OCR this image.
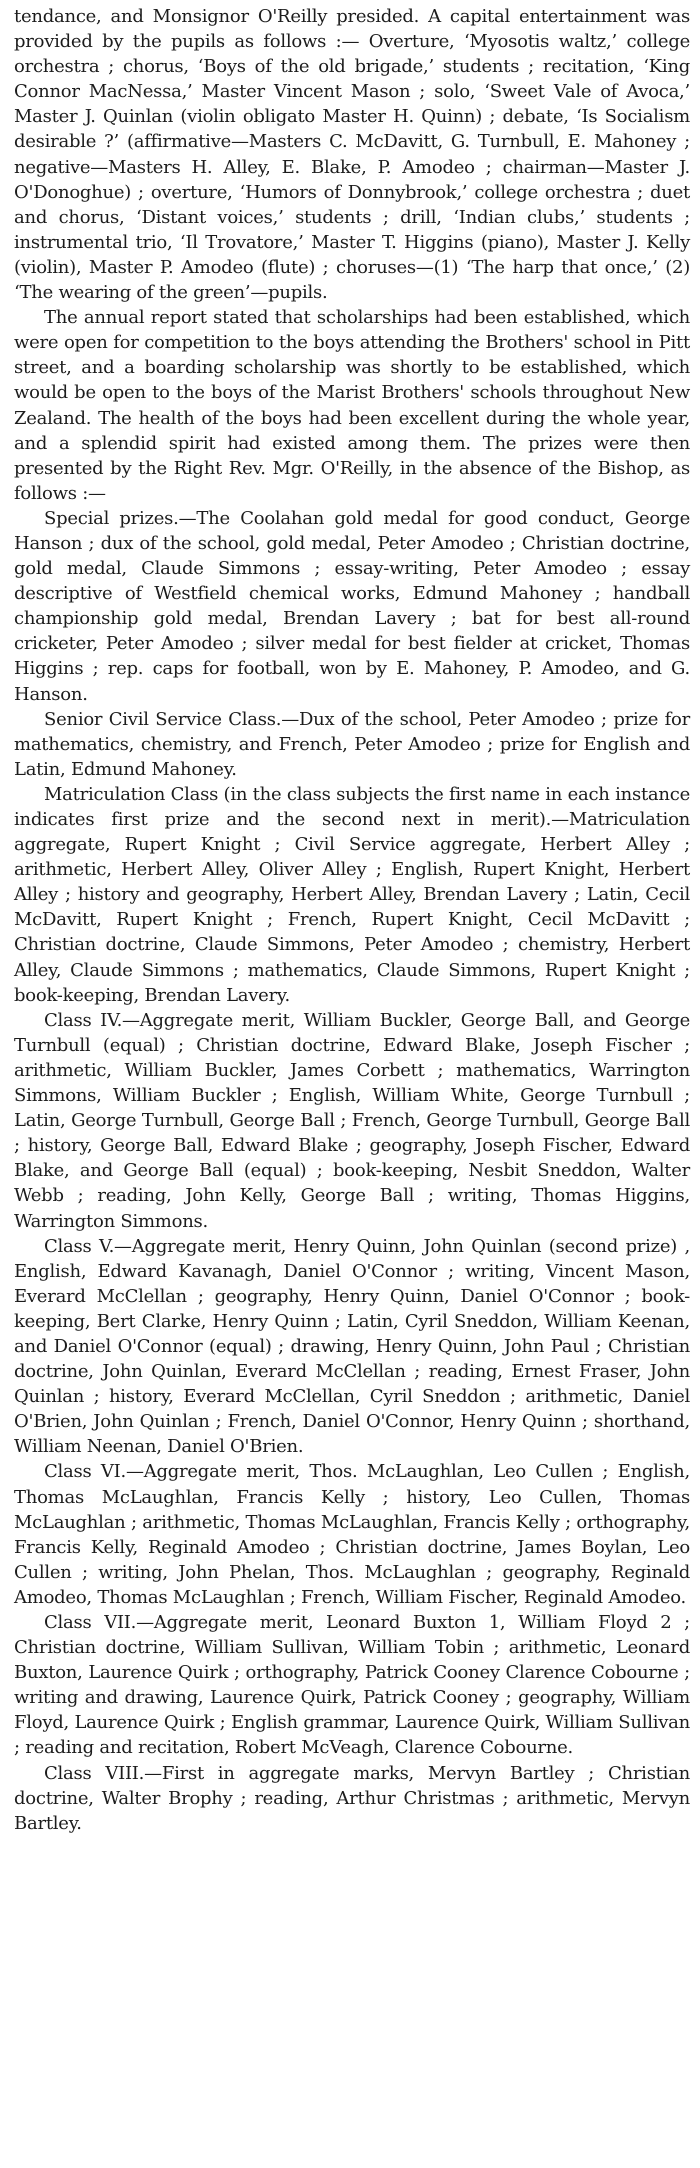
tendance, and Monsignor O'Reilly presided. A capital entertainment was provided by the pupils as follows :— Overture, ‘Myosotis waltz,’ college orchestra ; chorus, ‘Boys of the old brigade,’ students ; recitation, ‘King Connor MacNessa,’ Master Vincent Mason ; solo, ‘Sweet Vale of Avoca,’ Master J. Quinlan (violin obligato Master H. Quinn) ; debate, ‘Is Socialism desirable ?’ (affirmative—Masters C. McDavitt, G. Turnbull, E. Mahoney ; negative—Masters H. Alley, E. Blake, P. Amodeo ; chairman—Master J. O'Donoghue) ; overture, ‘Humors of Donnybrook,’ college orchestra ; duet and chorus, ‘Distant voices,’ students ; drill, ‘Indian clubs,’ students ; instrumental trio, ‘Il Trovatore,’ Master T. Higgins (piano), Master J. Kelly (violin), Master P. Amodeo (flute) ; choruses—(1) ‘The harp that once,’ (2) ‘The wearing of the green’—pupils.

The annual report stated that scholarships had been established, which were open for competition to the boys attending the Brothers' school in Pitt street, and a boarding scholarship was shortly to be established, which would be open to the boys of the Marist Brothers' schools throughout New Zealand. The health of the boys had been excellent during the whole year, and a splendid spirit had existed among them. The prizes were then presented by the Right Rev. Mgr. O'Reilly, in the absence of the Bishop, as follows :—

Special prizes.—The Coolahan gold medal for good conduct, George Hanson ; dux of the school, gold medal, Peter Amodeo ; Christian doctrine, gold medal, Claude Simmons ; essay-writing, Peter Amodeo ; essay descriptive of Westfield chemical works, Edmund Mahoney ; handball championship gold medal, Brendan Lavery ; bat for best all-round cricketer, Peter Amodeo ; silver medal for best fielder at cricket, Thomas Higgins ; rep. caps for football, won by E. Mahoney, P. Amodeo, and G. Hanson.

Senior Civil Service Class.—Dux of the school, Peter Amodeo ; prize for mathematics, chemistry, and French, Peter Amodeo ; prize for English and Latin, Edmund Mahoney.

Matriculation Class (in the class subjects the first name in each instance indicates first prize and the second next in merit).—Matriculation aggregate, Rupert Knight ; Civil Service aggregate, Herbert Alley ; arithmetic, Herbert Alley, Oliver Alley ; English, Rupert Knight, Herbert Alley ; history and geography, Herbert Alley, Brendan Lavery ; Latin, Cecil McDavitt, Rupert Knight ; French, Rupert Knight, Cecil McDavitt ; Christian doctrine, Claude Simmons, Peter Amodeo ; chemistry, Herbert Alley, Claude Simmons ; mathematics, Claude Simmons, Rupert Knight ; book-keeping, Brendan Lavery.

Class IV.—Aggregate merit, William Buckler, George Ball, and George Turnbull (equal) ; Christian doctrine, Edward Blake, Joseph Fischer ; arithmetic, William Buckler, James Corbett ; mathematics, Warrington Simmons, William Buckler ; English, William White, George Turnbull ; Latin, George Turnbull, George Ball ; French, George Turnbull, George Ball ; history, George Ball, Edward Blake ; geography, Joseph Fischer, Edward Blake, and George Ball (equal) ; book-keeping, Nesbit Sneddon, Walter Webb ; reading, John Kelly, George Ball ; writing, Thomas Higgins, Warrington Simmons.

Class V.—Aggregate merit, Henry Quinn, John Quinlan (second prize) , English, Edward Kavanagh, Daniel O'Connor ; writing, Vincent Mason, Everard McClellan ; geography, Henry Quinn, Daniel O'Connor ; book-keeping, Bert Clarke, Henry Quinn ; Latin, Cyril Sneddon, William Keenan, and Daniel O'Connor (equal) ; drawing, Henry Quinn, John Paul ; Christian doctrine, John Quinlan, Everard McClellan ; reading, Ernest Fraser, John Quinlan ; history, Everard McClellan, Cyril Sneddon ; arithmetic, Daniel O'Brien, John Quinlan ; French, Daniel O'Connor, Henry Quinn ; shorthand, William Neenan, Daniel O'Brien.

Class VI.—Aggregate merit, Thos. McLaughlan, Leo Cullen ; English, Thomas McLaughlan, Francis Kelly ; history, Leo Cullen, Thomas McLaughlan ; arithmetic, Thomas McLaughlan, Francis Kelly ; orthography, Francis Kelly, Reginald Amodeo ; Christian doctrine, James Boylan, Leo Cullen ; writing, John Phelan, Thos. McLaughlan ; geography, Reginald Amodeo, Thomas McLaughlan ; French, William Fischer, Reginald Amodeo.

Class VII.—Aggregate merit, Leonard Buxton 1, William Floyd 2 ; Christian doctrine, William Sullivan, William Tobin ; arithmetic, Leonard Buxton, Laurence Quirk ; orthography, Patrick Cooney Clarence Cobourne ; writing and drawing, Laurence Quirk, Patrick Cooney ; geography, William Floyd, Laurence Quirk ; English grammar, Laurence Quirk, William Sullivan ; reading and recitation, Robert McVeagh, Clarence Cobourne.

Class VIII.—First in aggregate marks, Mervyn Bartley ; Christian doctrine, Walter Brophy ; reading, Arthur Christmas ; arithmetic, Mervyn Bartley.
